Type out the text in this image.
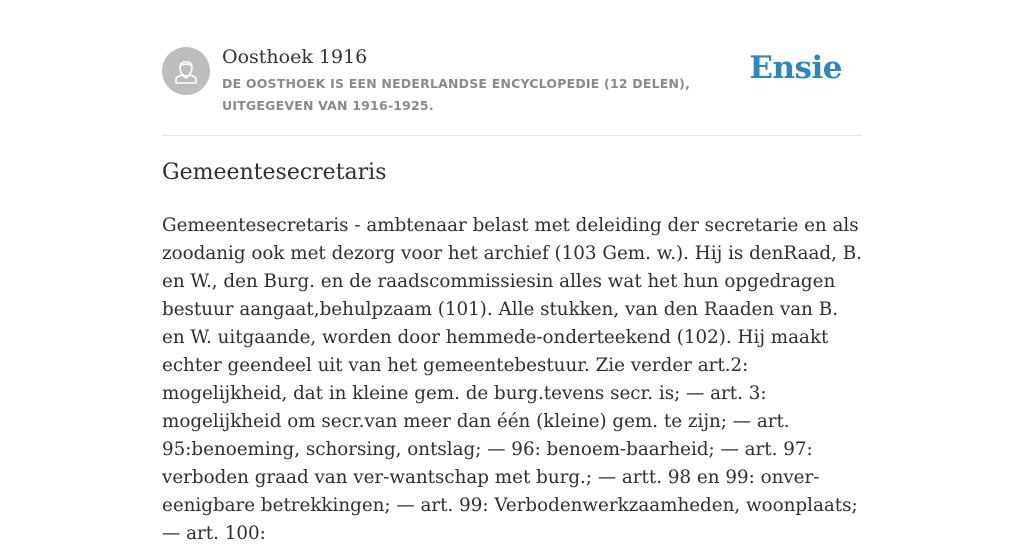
Oosthoek 1916
DE OOSTHOEK IS EEN NEDERLANDSE ENCYCLOPEDIE (12 DELEN), UITGEGEVEN VAN 1916-1925.
Ensie
Gemeentesecretaris

Gemeentesecretaris - ambtenaar belast met deleiding der secretarie en als zoodanig ook met dezorg voor het archief (103 Gem. w.). Hij is denRaad, B. en W., den Burg. en de raadscommissiesin alles wat het hun opgedragen bestuur aangaat,behulpzaam (101). Alle stukken, van den Raaden van B. en W. uitgaande, worden door hemmede-onderteekend (102). Hij maakt echter geendeel uit van het gemeentebestuur. Zie verder art.2: mogelijkheid, dat in kleine gem. de burg.tevens secr. is; — art. 3: mogelijkheid om secr.van meer dan één (kleine) gem. te zijn; — art. 95:benoeming, schorsing, ontslag; — 96: benoem-baarheid; — art. 97: verboden graad van ver-wantschap met burg.; — artt. 98 en 99: onver-eenigbare betrekkingen; — art. 99: Verbodenwerkzaamheden, woonplaats; — art. 100:
